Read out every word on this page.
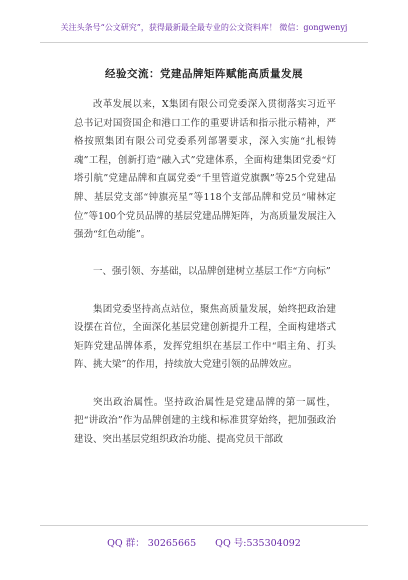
关注头条号“公文研究”，获得最新最全最专业的公文资料库！ 微信：gongwenyj
经验交流：党建品牌矩阵赋能高质量发展

改革发展以来，X集团有限公司党委深入贯彻落实习近平总书记对国资国企和港口工作的重要讲话和指示批示精神，严格按照集团有限公司党委系列部署要求，深入实施“扎根铸魂”工程，创新打造“融入式”党建体系，全面构建集团党委“灯塔引航”党建品牌和直属党委“千里管道党旗飘”等25个党建品牌、基层党支部“钟旗亮星”等118个支部品牌和党员“啸林定位”等100个党员品牌的基层党建品牌矩阵，为高质量发展注入强劲“红色动能”。

一、强引领、夯基础，以品牌创建树立基层工作“方向标”

集团党委坚持高点站位，聚焦高质量发展，始终把政治建设摆在首位，全面深化基层党建创新提升工程，全面构建塔式矩阵党建品牌体系，发挥党组织在基层工作中“唱主角、打头阵、挑大梁”的作用，持续放大党建引领的品牌效应。

突出政治属性。坚持政治属性是党建品牌的第一属性，把“讲政治”作为品牌创建的主线和标准贯穿始终，把加强政治建设、突出基层党组织政治功能、提高党员干部政

QQ 群： 30265665 QQ 号:535304092
